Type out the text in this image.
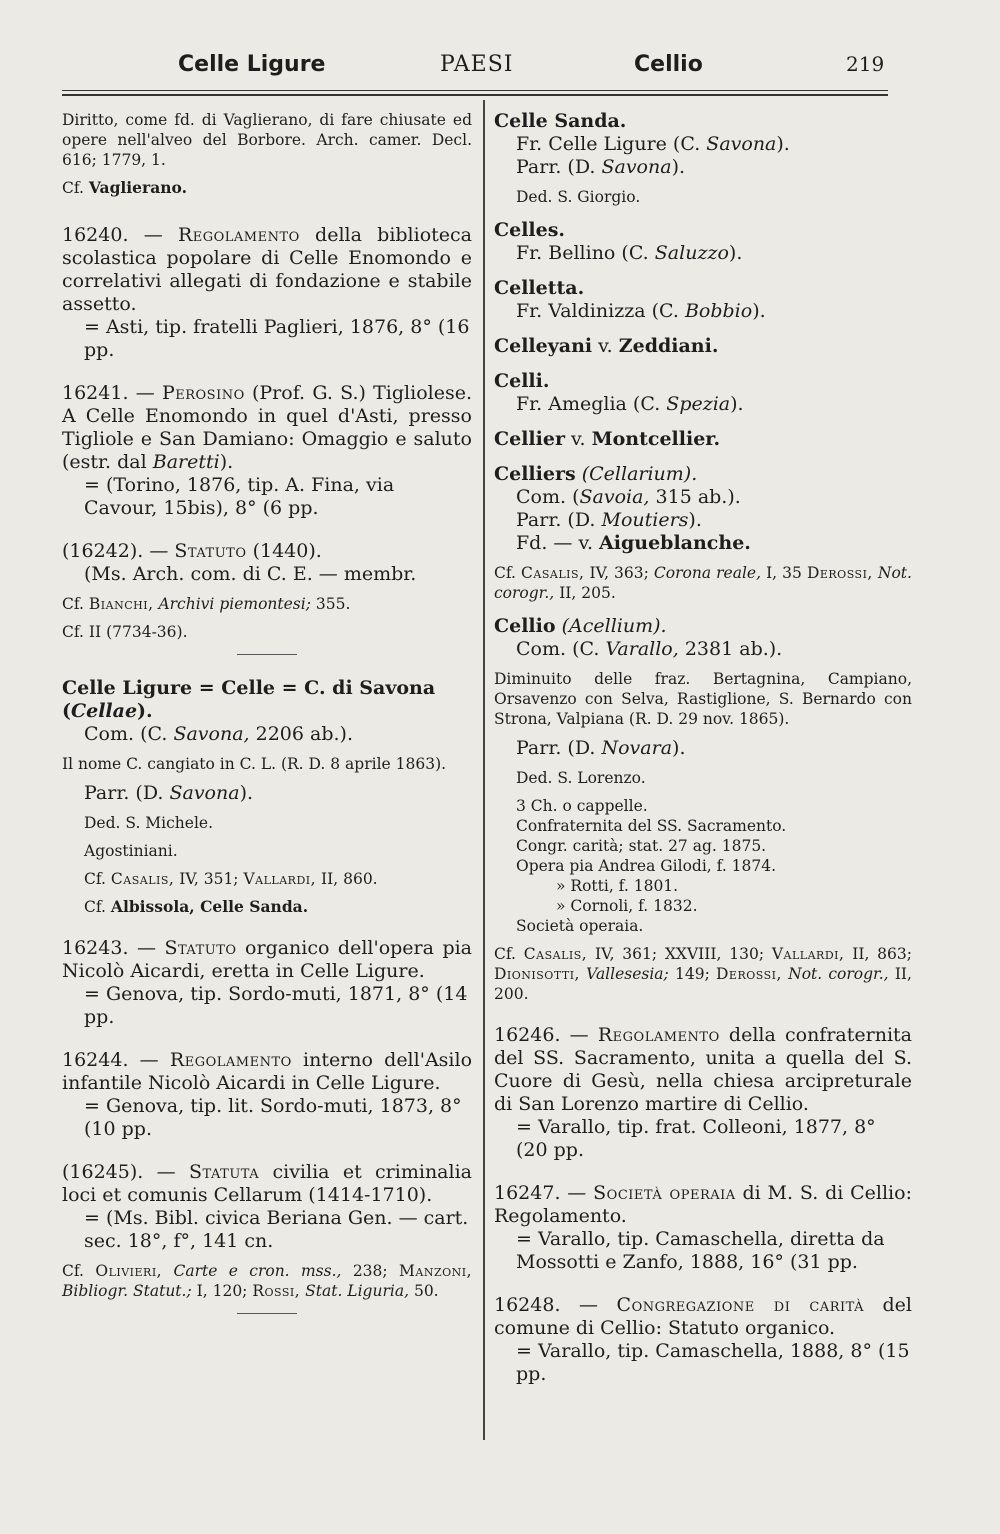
Celle Ligure	PAESI	Cellio	219

Diritto, come fd. di Vaglierano, di fare chiusate ed opere nell'alveo del Borbore. Arch. camer. Decl. 616; 1779, 1.

Cf. Vaglierano.

16240. — Regolamento della biblioteca scolastica popolare di Celle Enomondo e correlativi allegati di fondazione e stabile assetto.

= Asti, tip. fratelli Paglieri, 1876, 8° (16 pp.

16241. — Perosino (Prof. G. S.) Tigliolese. A Celle Enomondo in quel d'Asti, presso Tigliole e San Damiano: Omaggio e saluto (estr. dal Baretti).

= (Torino, 1876, tip. A. Fina, via Cavour, 15bis), 8° (6 pp.

(16242). — Statuto (1440).

(Ms. Arch. com. di C. E. — membr.

Cf. Bianchi, Archivi piemontesi; 355.

Cf. II (7734-36).

Celle Ligure = Celle = C. di Savona (Cellae).

Com. (C. Savona, 2206 ab.).

Il nome C. cangiato in C. L. (R. D. 8 aprile 1863).

Parr. (D. Savona).

Ded. S. Michele.

Agostiniani.

Cf. Casalis, IV, 351; Vallardi, II, 860.

Cf. Albissola, Celle Sanda.

16243. — Statuto organico dell'opera pia Nicolò Aicardi, eretta in Celle Ligure.

= Genova, tip. Sordo-muti, 1871, 8° (14 pp.

16244. — Regolamento interno dell'Asilo infantile Nicolò Aicardi in Celle Ligure.

= Genova, tip. lit. Sordo-muti, 1873, 8° (10 pp.

(16245). — Statuta civilia et criminalia loci et comunis Cellarum (1414-1710).

= (Ms. Bibl. civica Beriana Gen. — cart. sec. 18°, f°, 141 cn.

Cf. Olivieri, Carte e cron. mss., 238; Manzoni, Bibliogr. Statut.; I, 120; Rossi, Stat. Liguria, 50.

Celle Sanda.

Fr. Celle Ligure (C. Savona).

Parr. (D. Savona).

Ded. S. Giorgio.

Celles.

Fr. Bellino (C. Saluzzo).

Celletta.

Fr. Valdinizza (C. Bobbio).

Celleyani v. Zeddiani.

Celli.

Fr. Ameglia (C. Spezia).

Cellier v. Montcellier.

Celliers (Cellarium).

Com. (Savoia, 315 ab.).

Parr. (D. Moutiers).

Fd. — v. Aigueblanche.

Cf. Casalis, IV, 363; Corona reale, I, 35 Derossi, Not. corogr., II, 205.

Cellio (Acellium).

Com. (C. Varallo, 2381 ab.).

Diminuito delle fraz. Bertagnina, Campiano, Orsavenzo con Selva, Rastiglione, S. Bernardo con Strona, Valpiana (R. D. 29 nov. 1865).

Parr. (D. Novara).

Ded. S. Lorenzo.

3 Ch. o cappelle.

Confraternita del SS. Sacramento.

Congr. carità; stat. 27 ag. 1875.

Opera pia Andrea Gilodi, f. 1874.

» Rotti, f. 1801.

» Cornoli, f. 1832.

Società operaia.

Cf. Casalis, IV, 361; XXVIII, 130; Vallardi, II, 863; Dionisotti, Vallesesia; 149; Derossi, Not. corogr., II, 200.

16246. — Regolamento della confraternita del SS. Sacramento, unita a quella del S. Cuore di Gesù, nella chiesa arcipreturale di San Lorenzo martire di Cellio.

= Varallo, tip. frat. Colleoni, 1877, 8° (20 pp.

16247. — Società operaia di M. S. di Cellio: Regolamento.

= Varallo, tip. Camaschella, diretta da Mossotti e Zanfo, 1888, 16° (31 pp.

16248. — Congregazione di carità del comune di Cellio: Statuto organico.

= Varallo, tip. Camaschella, 1888, 8° (15 pp.
